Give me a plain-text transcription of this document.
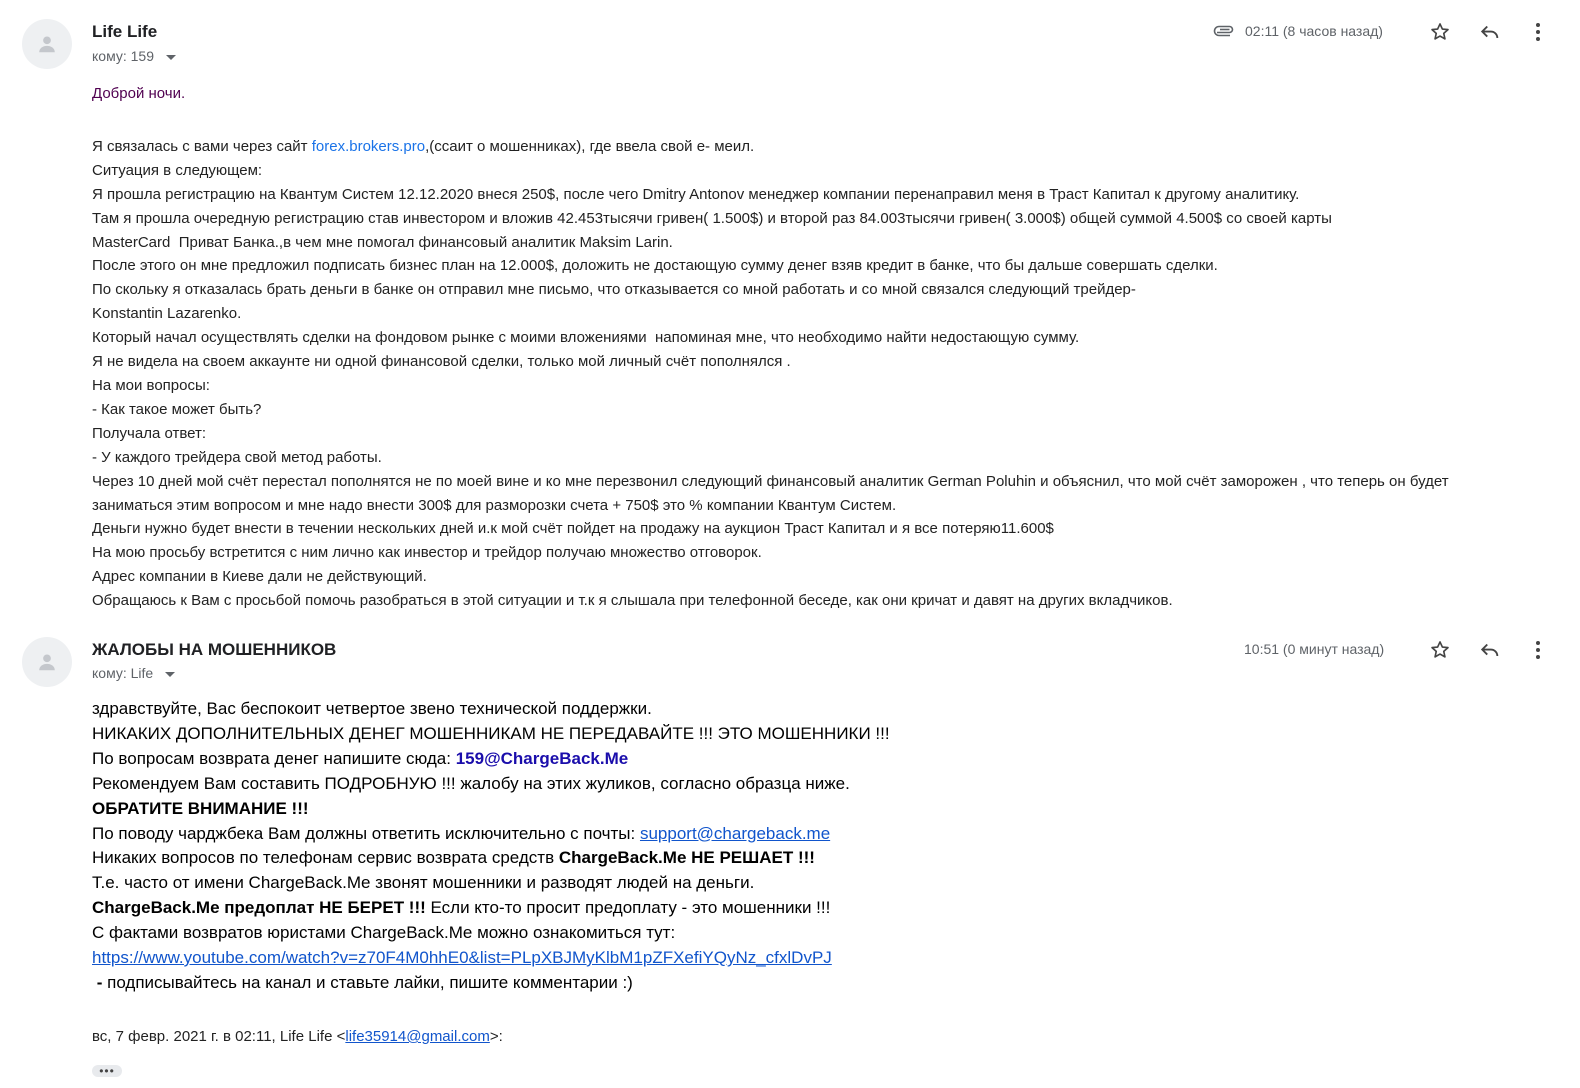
Life Life
кому: 159
02:11 (8 часов назад)
Доброй ночи.
Я связалась с вами через сайт forex.brokers.pro,(ссаит о мошенниках), где ввела свой е- меил.
Ситуация в следующем:
Я прошла регистрацию на Квантум Систем 12.12.2020 внеся 250$, после чего Dmitry Antonov менеджер компании перенаправил меня в Траст Капитал к другому аналитику.
Там я прошла очередную регистрацию став инвестором и вложив 42.453тысячи гривен( 1.500$) и второй раз 84.003тысячи гривен( 3.000$) общей суммой 4.500$ со своей карты
MasterCard  Приват Банка.,в чем мне помогал финансовый аналитик Maksim Larin.
После этого он мне предложил подписать бизнес план на 12.000$, доложить не достающую сумму денег взяв кредит в банке, что бы дальше совершать сделки.
По скольку я отказалась брать деньги в банке он отправил мне письмо, что отказывается со мной работать и со мной связался следующий трейдер-
Konstantin Lazarenko.
Который начал осуществлять сделки на фондовом рынке с моими вложениями  напоминая мне, что необходимо найти недостающую сумму.
Я не видела на своем аккаунте ни одной финансовой сделки, только мой личный счёт пополнялся .
На мои вопросы:
- Как такое может быть?
Получала ответ:
- У каждого трейдера свой метод работы.
Через 10 дней мой счёт перестал пополнятся не по моей вине и ко мне перезвонил следующий финансовый аналитик German Poluhin и объяснил, что мой счёт заморожен , что теперь он будет
заниматься этим вопросом и мне надо внести 300$ для разморозки счета + 750$ это % компании Квантум Систем.
Деньги нужно будет внести в течении нескольких дней и.к мой счёт пойдет на продажу на аукцион Траст Капитал и я все потеряю11.600$
На мою просьбу встретится с ним лично как инвестор и трейдор получаю множество отговорок.
Адрес компании в Киеве дали не действующий.
Обращаюсь к Вам с просьбой помочь разобраться в этой ситуации и т.к я слышала при телефонной беседе, как они кричат и давят на других вкладчиков.
ЖАЛОБЫ НА МОШЕННИКОВ
кому: Life
10:51 (0 минут назад)
здравствуйте, Вас беспокоит четвертое звено технической поддержки.
НИКАКИХ ДОПОЛНИТЕЛЬНЫХ ДЕНЕГ МОШЕННИКАМ НЕ ПЕРЕДАВАЙТЕ !!! ЭТО МОШЕННИКИ !!!
По вопросам возврата денег напишите сюда: 159@ChargeBack.Me
Рекомендуем Вам составить ПОДРОБНУЮ !!! жалобу на этих жуликов, согласно образца ниже.
ОБРАТИТЕ ВНИМАНИЕ !!!
По поводу чарджбека Вам должны ответить исключительно с почты: support@chargeback.me
Никаких вопросов по телефонам сервис возврата средств ChargeBack.Me НЕ РЕШАЕТ !!!
Т.е. часто от имени ChargeBack.Me звонят мошенники и разводят людей на деньги.
ChargeBack.Me предоплат НЕ БЕРЕТ !!! Если кто-то просит предоплату - это мошенники !!!
С фактами возвратов юристами ChargeBack.Me можно ознакомиться тут:
https://www.youtube.com/watch?v=z70F4M0hhE0&list=PLpXBJMyKlbM1pZFXefiYQyNz_cfxlDvPJ
- подписывайтесь на канал и ставьте лайки, пишите комментарии :)
вс, 7 февр. 2021 г. в 02:11, Life Life <life35914@gmail.com>:
•••
